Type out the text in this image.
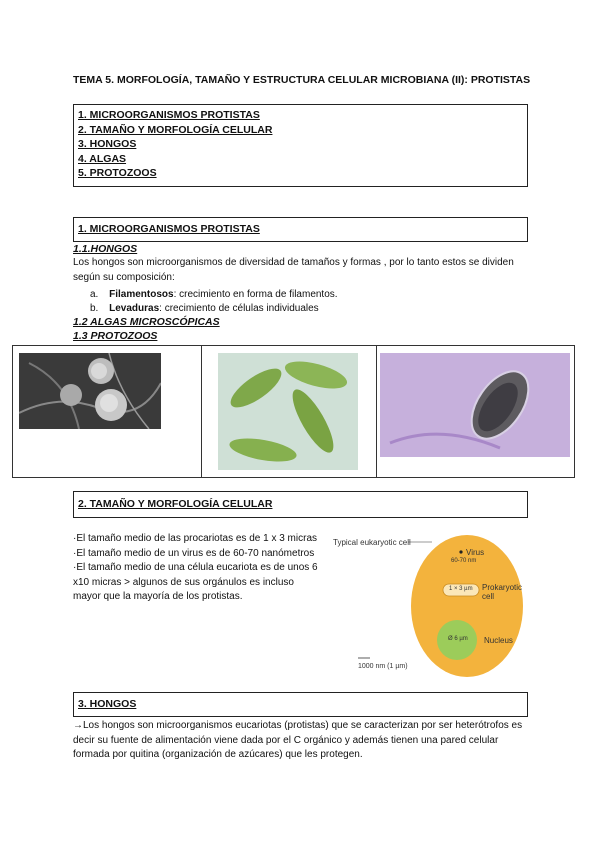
TEMA 5. MORFOLOGÍA, TAMAÑO Y ESTRUCTURA CELULAR MICROBIANA (II): PROTISTAS
1. MICROORGANISMOS PROTISTAS
2. TAMAÑO Y MORFOLOGÍA CELULAR
3. HONGOS
4. ALGAS
5. PROTOZOOS
1. MICROORGANISMOS PROTISTAS
1.1.HONGOS
Los hongos son microorganismos de diversidad de tamaños y formas , por lo tanto estos se dividen según su composición:
a. Filamentosos: crecimiento en forma de filamentos.
b. Levaduras: crecimiento de células individuales
1.2 ALGAS MICROSCÓPICAS
1.3 PROTOZOOS
2. TAMAÑO Y MORFOLOGÍA CELULAR
·El tamaño medio de las procariotas es de 1 x 3 micras
·El tamaño medio de un virus es de 60-70 nanómetros
·El tamaño medio de una célula eucariota es de unos 6 x10 micras > algunos de sus orgánulos es incluso mayor que la mayoría de los protistas.
Typical eukaryotic cell
Virus
60-70 nm
1 × 3 µm Prokaryotic cell
Ø 6 µm Nucleus
1000 nm (1 µm)
3. HONGOS
→Los hongos son microorganismos eucariotas (protistas) que se caracterizan por ser heterótrofos es decir su fuente de alimentación viene dada por el C orgánico y además tienen una pared celular formada por quitina (organización de azúcares) que les protegen.
